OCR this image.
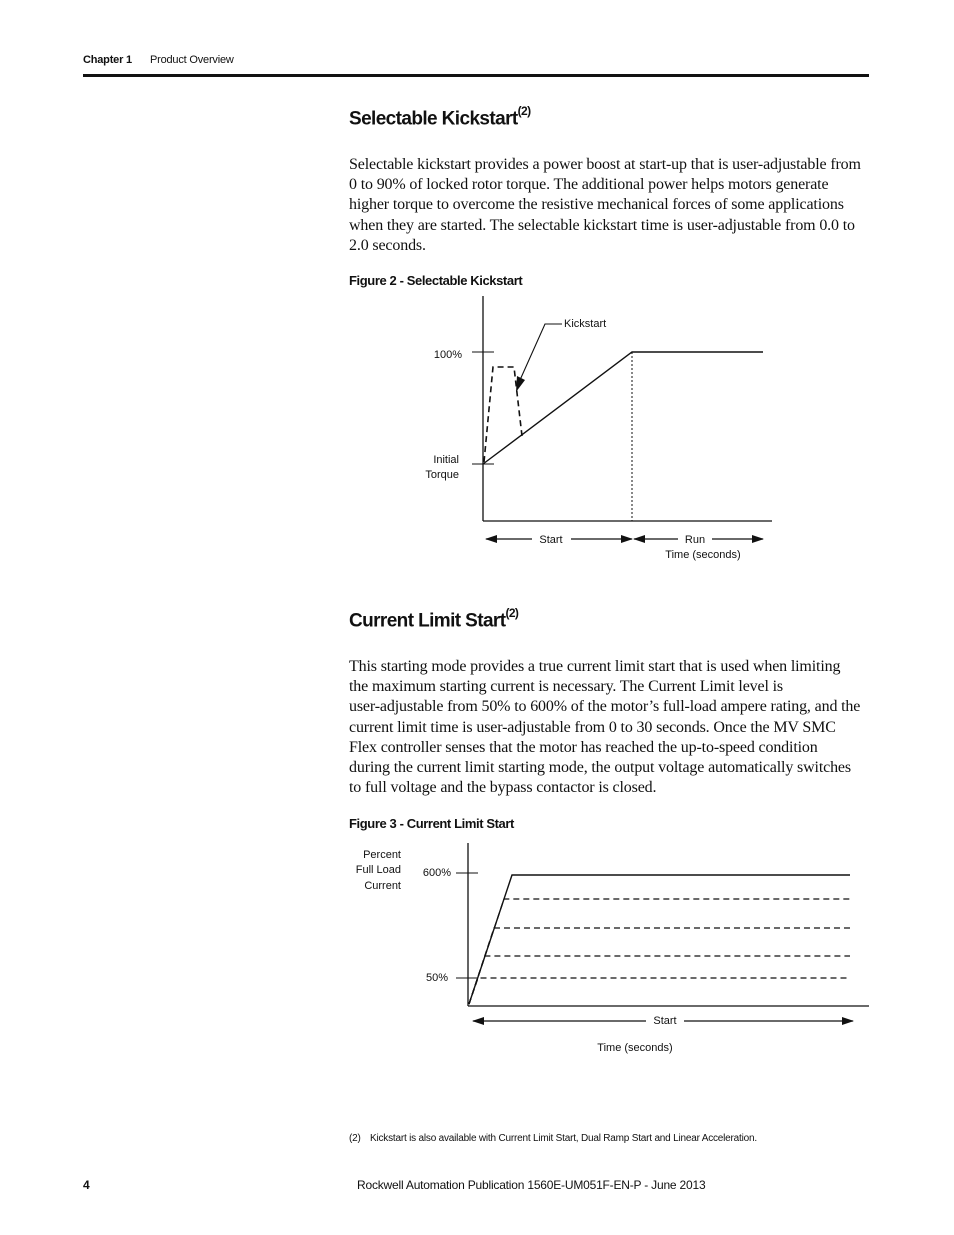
Chapter 1 Product Overview
Selectable Kickstart$^{(2)}$
Selectable kickstart provides a power boost at start-up that is user-adjustable from
0 to 90% of locked rotor torque. The additional power helps motors generate
higher torque to overcome the resistive mechanical forces of some applications
when they are started. The selectable kickstart time is user-adjustable from 0.0 to
2.0 seconds.
Figure 2 - Selectable Kickstart
Kickstart
100%
Initial
Torque
Start	Run
Time (seconds)
Percent
Full Load
Current
600%
50%
Start
Time (seconds)
Current Limit Start$^{(2)}$
This starting mode provides a true current limit start that is used when limiting
the maximum starting current is necessary. The Current Limit level is
user-adjustable from 50% to 600% of the motor’s full-load ampere rating, and the
current limit time is user-adjustable from 0 to 30 seconds. Once the MV SMC
Flex controller senses that the motor has reached the up-to-speed condition
during the current limit starting mode, the output voltage automatically switches
to full voltage and the bypass contactor is closed.
Figure 3 - Current Limit Start
(2) Kickstart is also available with Current Limit Start, Dual Ramp Start and Linear Acceleration.
4	Rockwell Automation Publication 1560E-UM051F-EN-P - June 2013
